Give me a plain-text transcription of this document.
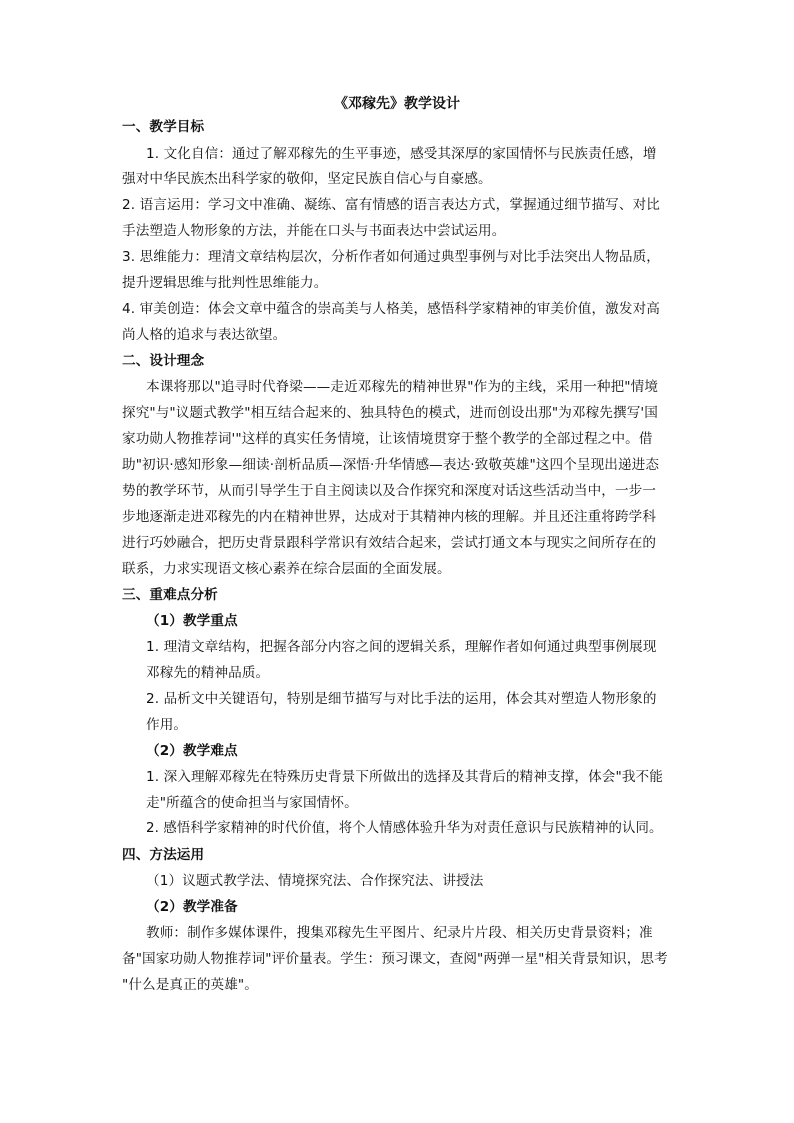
《邓稼先》教学设计
一、教学目标
1. 文化自信：通过了解邓稼先的生平事迹，感受其深厚的家国情怀与民族责任感，增
强对中华民族杰出科学家的敬仰，坚定民族自信心与自豪感。
2. 语言运用：学习文中准确、凝练、富有情感的语言表达方式，掌握通过细节描写、对比
手法塑造人物形象的方法，并能在口头与书面表达中尝试运用。
3. 思维能力：理清文章结构层次，分析作者如何通过典型事例与对比手法突出人物品质，
提升逻辑思维与批判性思维能力。
4. 审美创造：体会文章中蕴含的崇高美与人格美，感悟科学家精神的审美价值，激发对高
尚人格的追求与表达欲望。
二、设计理念
本课将那以"追寻时代脊梁——走近邓稼先的精神世界"作为的主线，采用一种把"情境
探究"与"议题式教学"相互结合起来的、独具特色的模式，进而创设出那"为邓稼先撰写'国
家功勋人物推荐词'"这样的真实任务情境，让该情境贯穿于整个教学的全部过程之中。借
助"初识·感知形象—细读·剖析品质—深悟·升华情感—表达·致敬英雄"这四个呈现出递进态
势的教学环节，从而引导学生于自主阅读以及合作探究和深度对话这些活动当中，一步一
步地逐渐走进邓稼先的内在精神世界，达成对于其精神内核的理解。并且还注重将跨学科
进行巧妙融合，把历史背景跟科学常识有效结合起来，尝试打通文本与现实之间所存在的
联系，力求实现语文核心素养在综合层面的全面发展。
三、重难点分析
（1）教学重点
1. 理清文章结构，把握各部分内容之间的逻辑关系，理解作者如何通过典型事例展现
邓稼先的精神品质。
2. 品析文中关键语句，特别是细节描写与对比手法的运用，体会其对塑造人物形象的
作用。
（2）教学难点
1. 深入理解邓稼先在特殊历史背景下所做出的选择及其背后的精神支撑，体会"我不能
走"所蕴含的使命担当与家国情怀。
2. 感悟科学家精神的时代价值，将个人情感体验升华为对责任意识与民族精神的认同。
四、方法运用
（1）议题式教学法、情境探究法、合作探究法、讲授法
（2）教学准备
教师：制作多媒体课件，搜集邓稼先生平图片、纪录片片段、相关历史背景资料；准
备"国家功勋人物推荐词"评价量表。学生：预习课文，查阅"两弹一星"相关背景知识，思考
"什么是真正的英雄"。
